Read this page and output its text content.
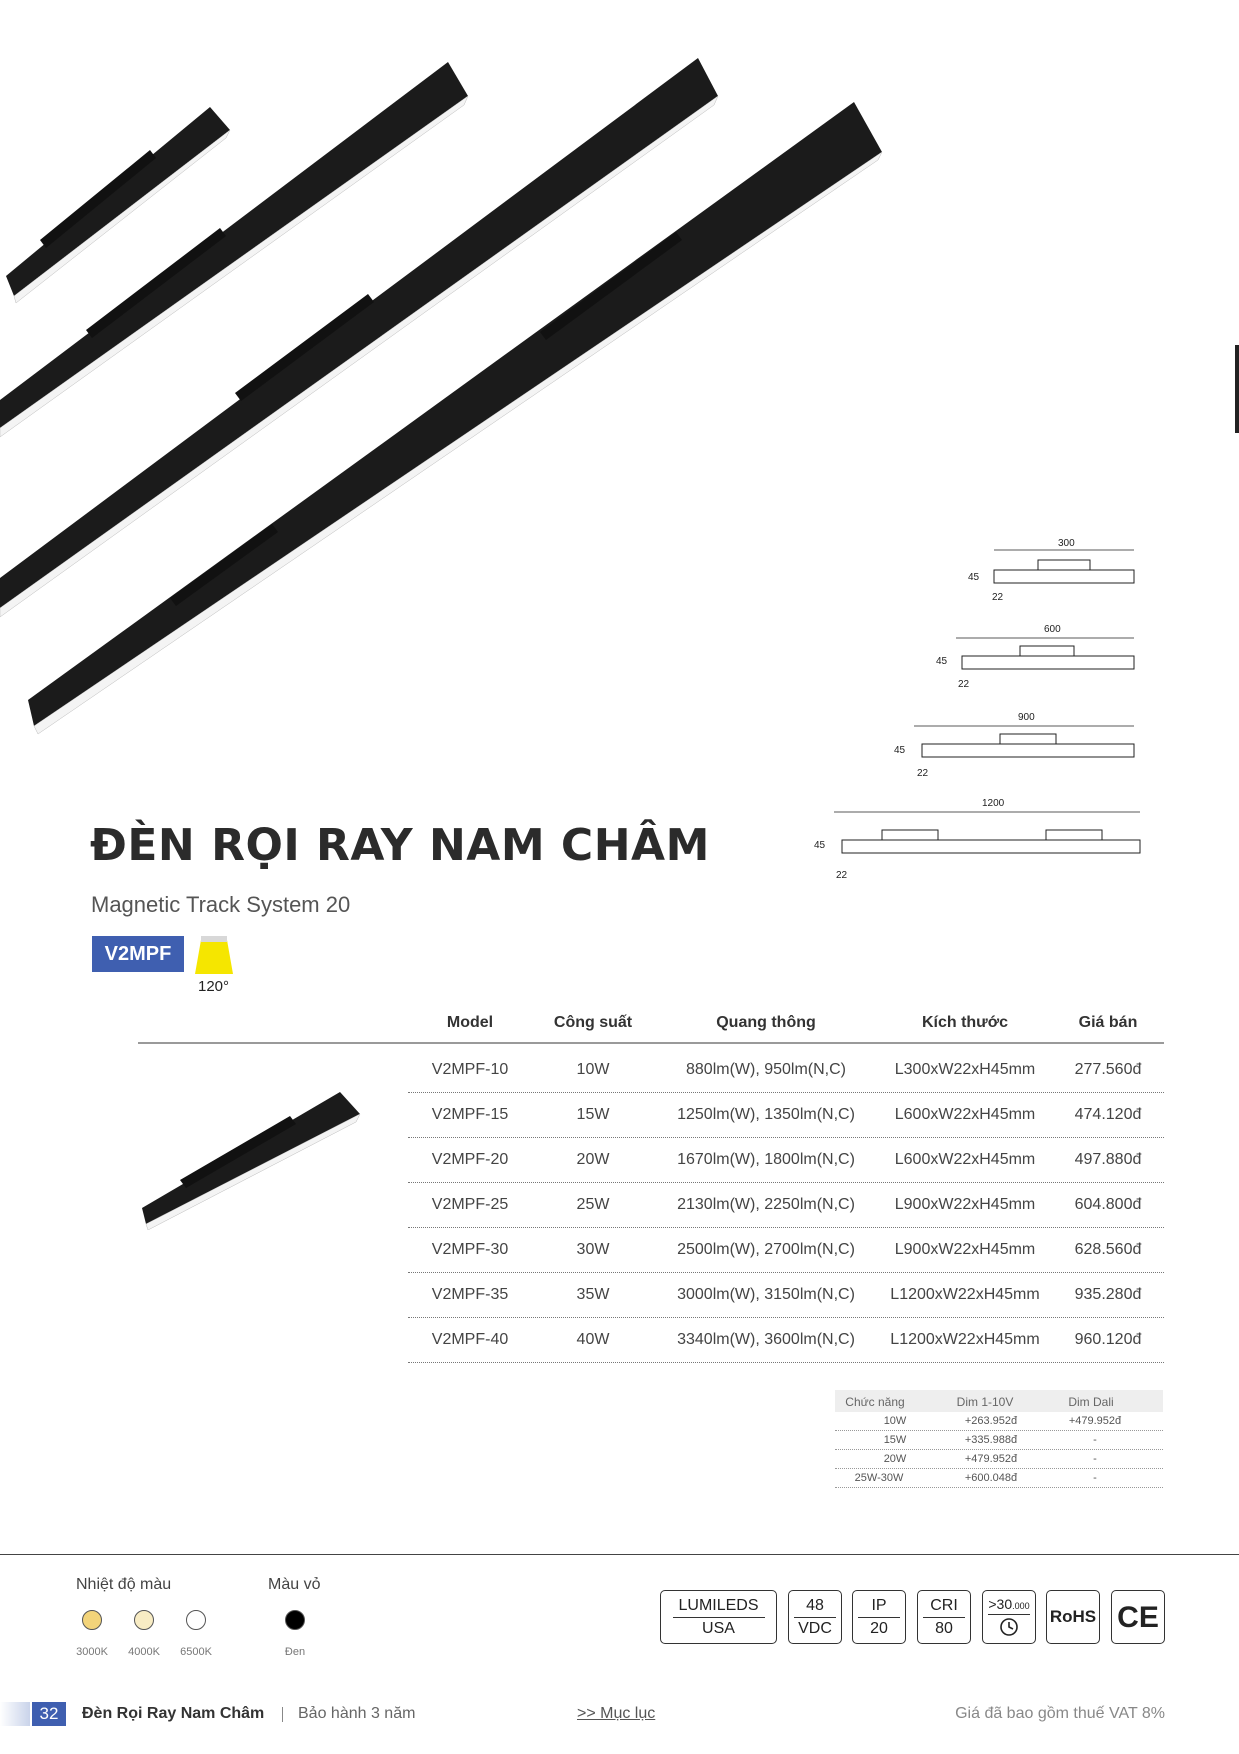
300
45
22
600
45
22
900
45
22
1200
45
22
ĐÈN RỌI RAY NAM CHÂM
Magnetic Track System 20
V2MPF
120°
Model	Công suất	Quang thông	Kích thước	Giá bán
V2MPF-10	10W	880lm(W), 950lm(N,C)	L300xW22xH45mm 277.560đ
V2MPF-15	15W	1250lm(W), 1350lm(N,C) L600xW22xH45mm 474.120đ
V2MPF-20	20W	1670lm(W), 1800lm(N,C) L600xW22xH45mm 497.880đ
V2MPF-25	25W	2130lm(W), 2250lm(N,C) L900xW22xH45mm 604.800đ
V2MPF-30	30W	2500lm(W), 2700lm(N,C) L900xW22xH45mm 628.560đ
V2MPF-35	35W	3000lm(W), 3150lm(N,C) L1200xW22xH45mm 935.280đ
V2MPF-40	40W	3340lm(W), 3600lm(N,C) L1200xW22xH45mm 960.120đ
Chức năng	Dim 1-10V	Dim Dali
10W	+263.952đ	+479.952đ
15W	+335.988đ	-
20W	+479.952đ	-
25W-30W	+600.048đ	-
Nhiệt độ màu
3000K 4000K 6500K
Màu vỏ
Đen
LUMILEDS
USA
48
VDC
IP
20
CRI
80
>30.000
RoHS CE
32	Đèn Rọi Ray Nam Châm Bảo hành 3 năm	>> Mục lục	Giá đã bao gồm thuế VAT 8%
